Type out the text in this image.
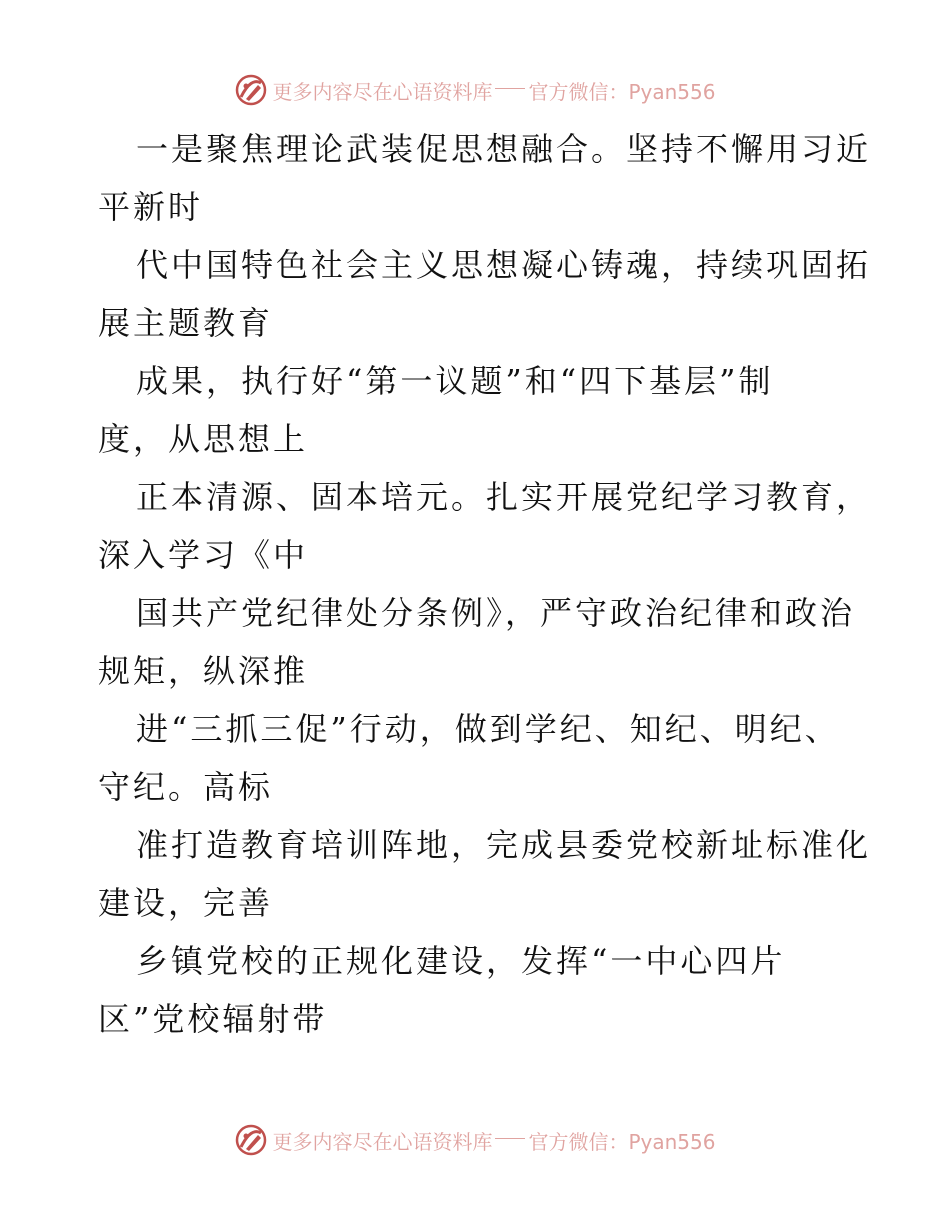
更多内容尽在心语资料库 官方微信：Pyan556
一是聚焦理论武装促思想融合。坚持不懈用习近
平新时
代中国特色社会主义思想凝心铸魂，持续巩固拓
展主题教育
成果，执行好“第一议题”和“四下基层”制
度，从思想上
正本清源、固本培元。扎实开展党纪学习教育，
深入学习《中
国共产党纪律处分条例》，严守政治纪律和政治
规矩，纵深推
进“三抓三促”行动，做到学纪、知纪、明纪、
守纪。高标
准打造教育培训阵地，完成县委党校新址标准化
建设，完善
乡镇党校的正规化建设，发挥“一中心四片
区”党校辐射带
更多内容尽在心语资料库 官方微信：Pyan556
